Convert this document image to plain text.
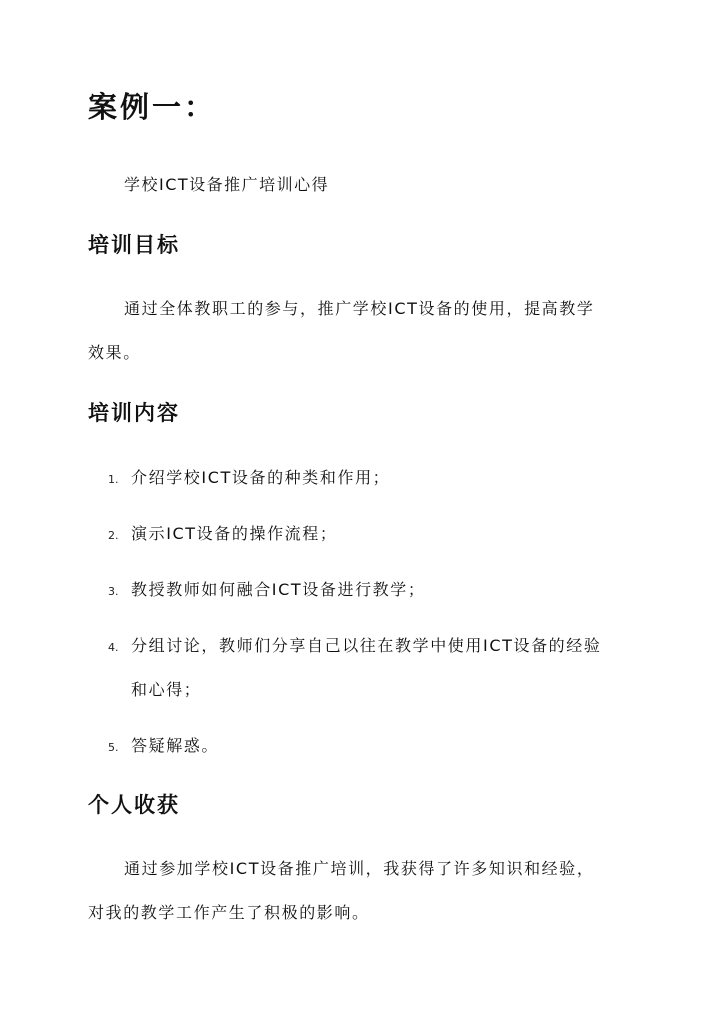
案例一：

学校ICT设备推广培训心得

培训目标

通过全体教职工的参与，推广学校ICT设备的使用，提高教学

效果。

培训内容
1. 介绍学校ICT设备的种类和作用；
2. 演示ICT设备的操作流程；
3. 教授教师如何融合ICT设备进行教学；
4. 分组讨论，教师们分享自己以往在教学中使用ICT设备的经验
和心得；
5. 答疑解惑。
个人收获

通过参加学校ICT设备推广培训，我获得了许多知识和经验，

对我的教学工作产生了积极的影响。
